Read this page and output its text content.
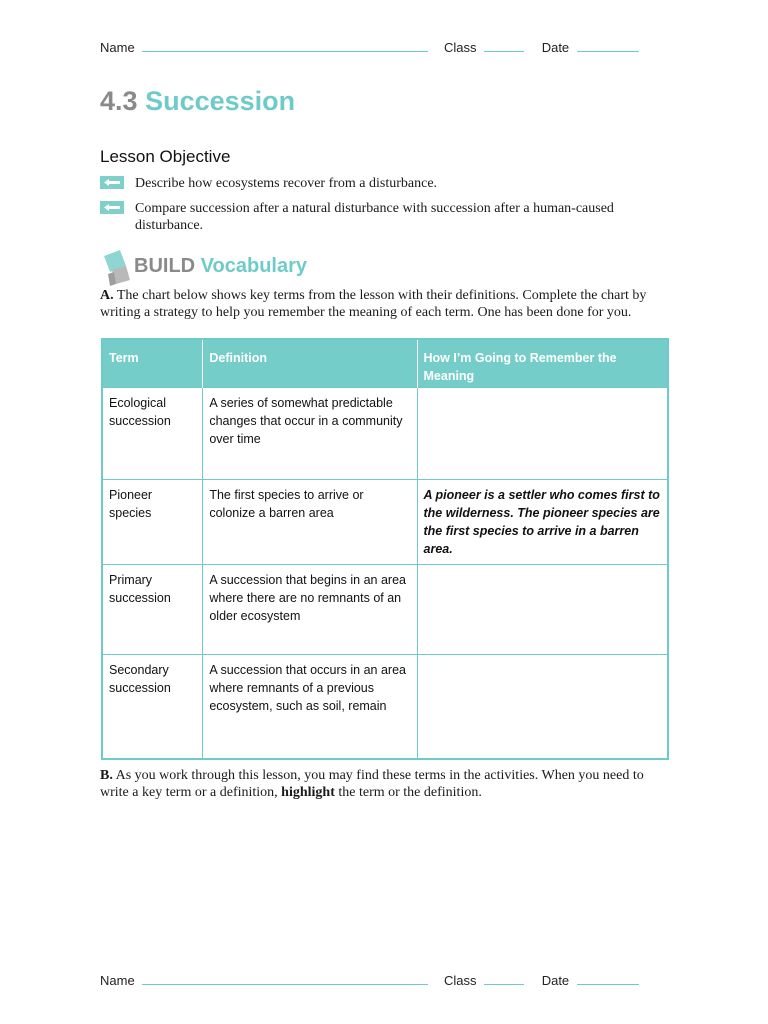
Name	Class	Date
4.3 Succession
Lesson Objective
Describe how ecosystems recover from a disturbance.
Compare succession after a natural disturbance with succession after a human-caused disturbance.
BUILD Vocabulary
A. The chart below shows key terms from the lesson with their definitions. Complete the chart by writing a strategy to help you remember the meaning of each term. One has been done for you.
Term	Definition	How I’m Going to Remember the Meaning
Ecological succession	A series of somewhat predictable changes that occur in a community over time	
Pioneer species	The first species to arrive or colonize a barren area	A pioneer is a settler who comes first to the wilderness. The pioneer species are the first species to arrive in a barren area.
Primary succession	A succession that begins in an area where there are no remnants of an older ecosystem	
Secondary succession	A succession that occurs in an area where remnants of a previous ecosystem, such as soil, remain	
B. As you work through this lesson, you may find these terms in the activities. When you need to write a key term or a definition, highlight the term or the definition.
Name	Class	Date
